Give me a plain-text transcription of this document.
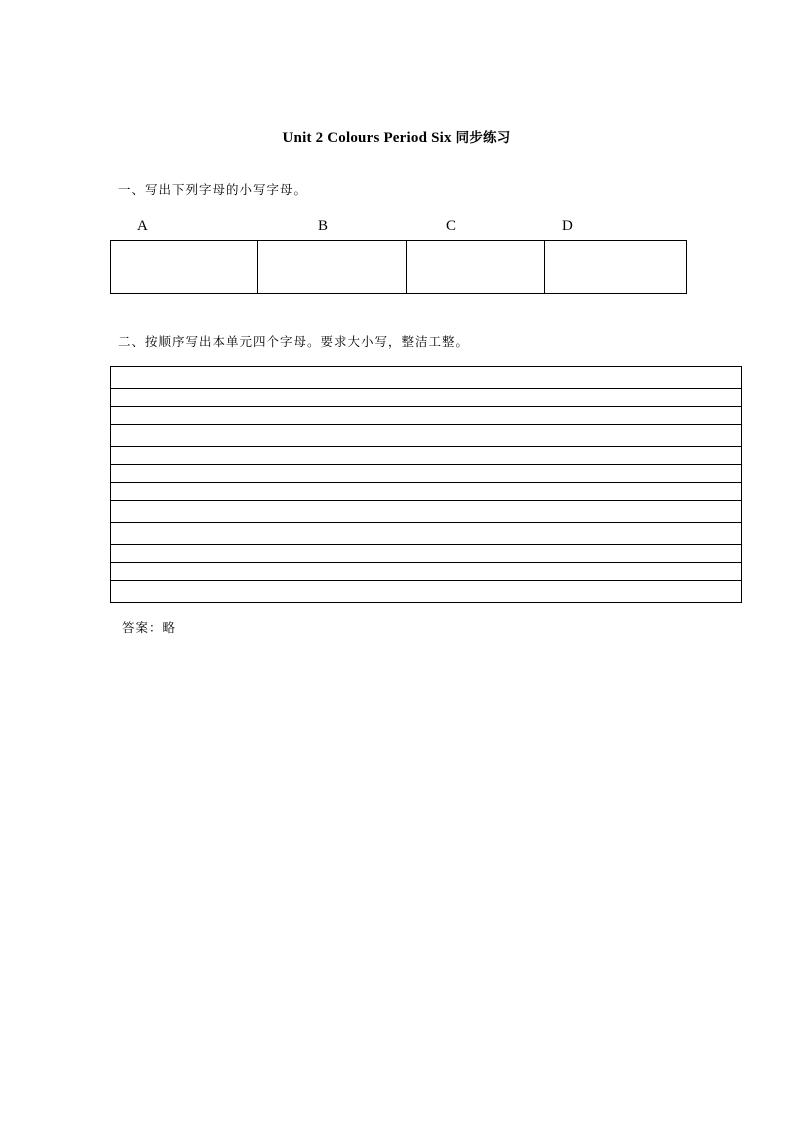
Unit 2 Colours Period Six 同步练习
一、写出下列字母的小写字母。
A	B	C	D

二、按顺序写出本单元四个字母。要求大小写，整洁工整。

答案：略
